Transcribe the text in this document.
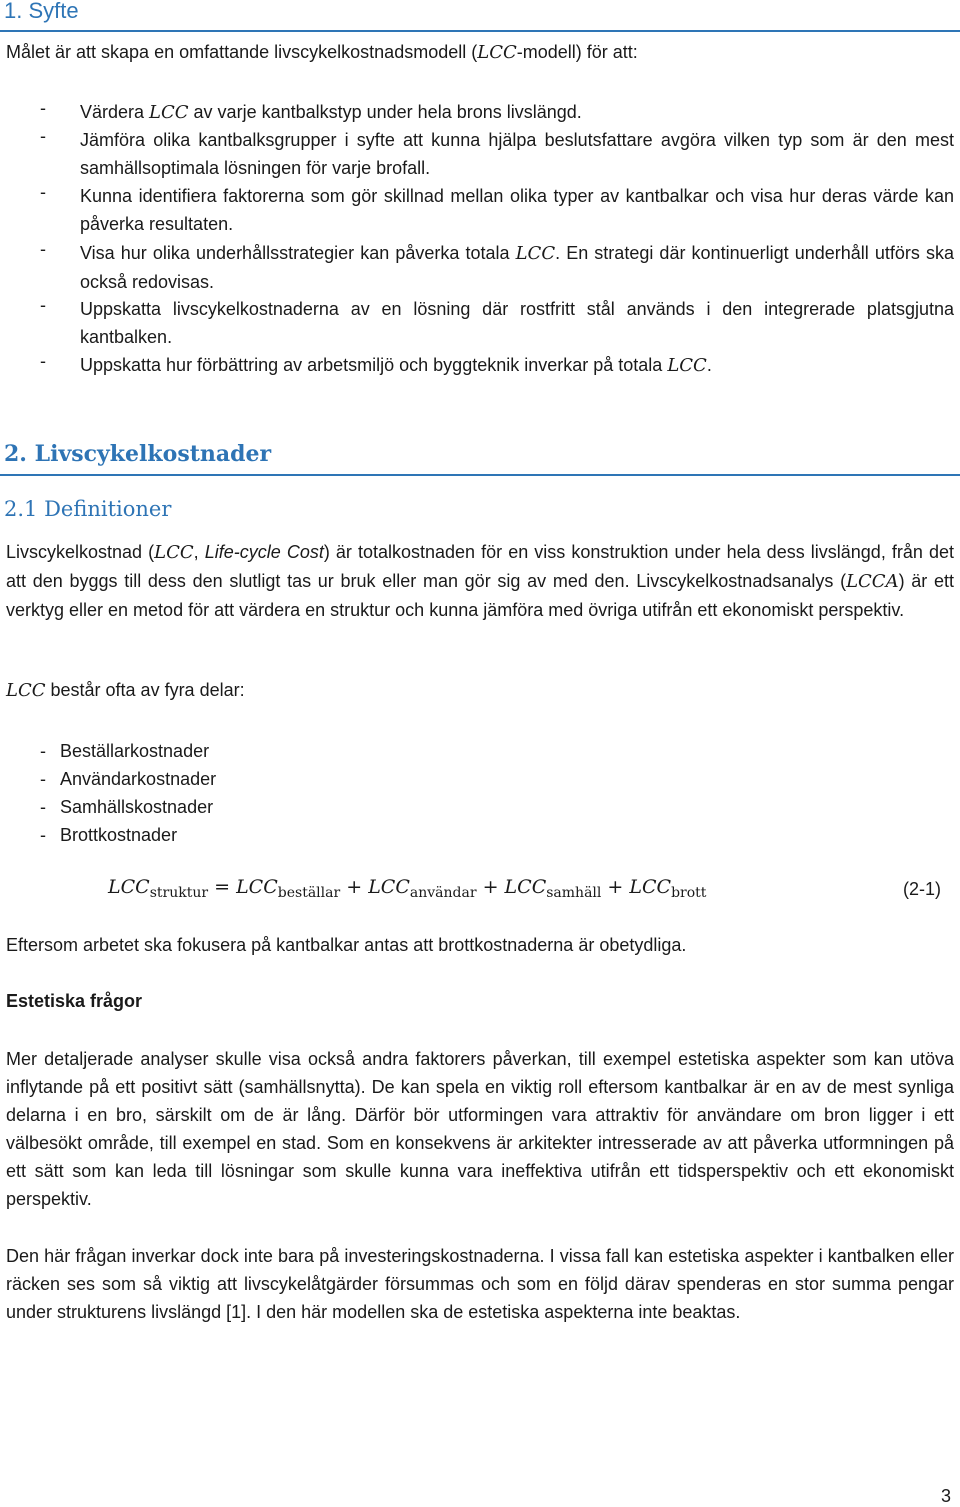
1. Syfte
Målet är att skapa en omfattande livscykelkostnadsmodell (LCC-modell) för att:
- Värdera LCC av varje kantbalkstyp under hela brons livslängd.
- Jämföra olika kantbalksgrupper i syfte att kunna hjälpa beslutsfattare avgöra vilken typ som är den mest samhällsoptimala lösningen för varje brofall.
- Kunna identifiera faktorerna som gör skillnad mellan olika typer av kantbalkar och visa hur deras värde kan påverka resultaten.
- Visa hur olika underhållsstrategier kan påverka totala LCC. En strategi där kontinuerligt underhåll utförs ska också redovisas.
- Uppskatta livscykelkostnaderna av en lösning där rostfritt stål används i den integrerade platsgjutna kantbalken.
- Uppskatta hur förbättring av arbetsmiljö och byggteknik inverkar på totala LCC.
2. Livscykelkostnader
2.1 Definitioner
Livscykelkostnad (LCC, Life-cycle Cost) är totalkostnaden för en viss konstruktion under hela dess livslängd, från det att den byggs till dess den slutligt tas ur bruk eller man gör sig av med den. Livscykelkostnadsanalys (LCCA) är ett verktyg eller en metod för att värdera en struktur och kunna jämföra med övriga utifrån ett ekonomiskt perspektiv.
LCC består ofta av fyra delar:
- Beställarkostnader
- Användarkostnader
- Samhällskostnader
- Brottkostnader
$LCC_{struktur} = LCC_{beställar} + LCC_{användar} + LCC_{samhäll} + LCC_{brott}$	(2-1)
Eftersom arbetet ska fokusera på kantbalkar antas att brottkostnaderna är obetydliga.
Estetiska frågor
Mer detaljerade analyser skulle visa också andra faktorers påverkan, till exempel estetiska aspekter som kan utöva inflytande på ett positivt sätt (samhällsnytta). De kan spela en viktig roll eftersom kantbalkar är en av de mest synliga delarna i en bro, särskilt om de är lång. Därför bör utformingen vara attraktiv för användare om bron ligger i ett välbesökt område, till exempel en stad. Som en konsekvens är arkitekter intresserade av att påverka utformningen på ett sätt som kan leda till lösningar som skulle kunna vara ineffektiva utifrån ett tidsperspektiv och ett ekonomiskt perspektiv.
Den här frågan inverkar dock inte bara på investeringskostnaderna. I vissa fall kan estetiska aspekter i kantbalken eller räcken ses som så viktig att livscykelåtgärder försummas och som en följd därav spenderas en stor summa pengar under strukturens livslängd [1]. I den här modellen ska de estetiska aspekterna inte beaktas.
3
